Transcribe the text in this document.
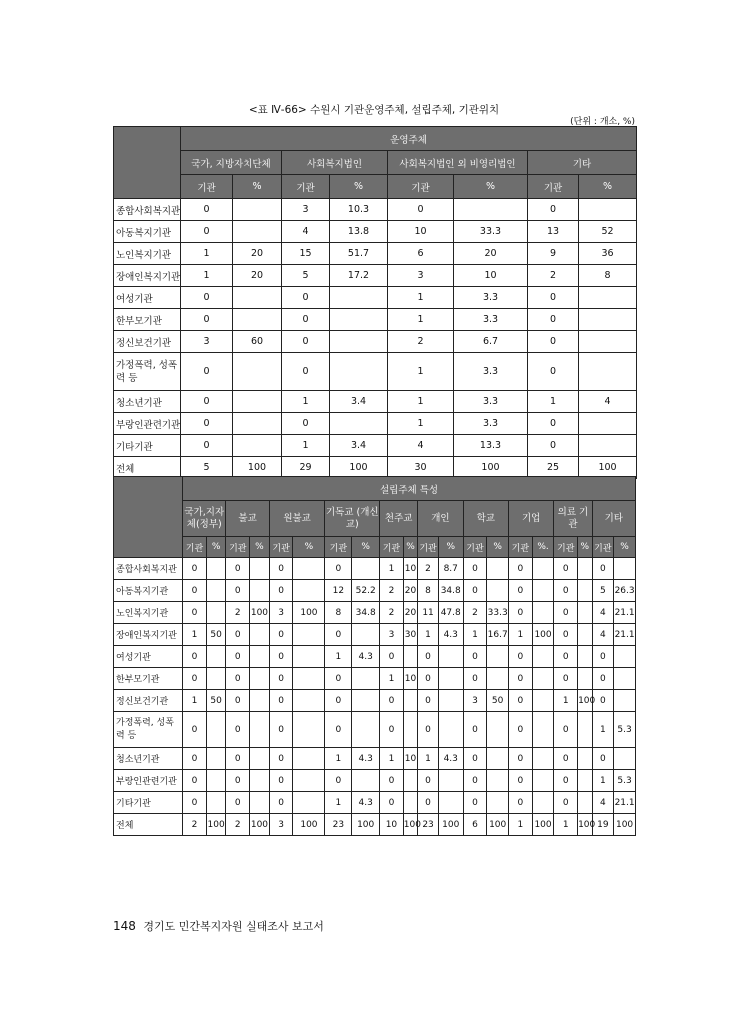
<표 Ⅳ-66> 수원시 기관운영주체, 설립주체, 기관위치
(단위 : 개소, %)
	운영주체							
	국가, 지방자치단체		사회복지법인		사회복지법인 외 비영리법인		기타	
	기관	%	기관	%	기관	%	기관	%
종합사회복지관	0		3	10.3	0		0	
아동복지기관	0		4	13.8	10	33.3	13	52
노인복지기관	1	20	15	51.7	6	20	9	36
장애인복지기관	1	20	5	17.2	3	10	2	8
여성기관	0		0		1	3.3	0	
한부모기관	0		0		1	3.3	0	
정신보건기관	3	60	0		2	6.7	0	
가정폭력, 성폭력 등	0		0		1	3.3	0	
청소년기관	0		1	3.4	1	3.3	1	4
부랑인관련기관	0		0		1	3.3	0	
기타기관	0		1	3.4	4	13.3	0	
전체	5	100	29	100	30	100	25	100
	설립주체 특성																			
	국가,지자체(정부)		불교		원불교		기독교 (개신교)		천주교		개인		학교		기업		의료 기관		기타	
	기관	%	기관	%	기관	%	기관	%	기관	%	기관	%	기관	%	기관	%.	기관	%	기관	%
종합사회복지관	0		0		0		0		1	10	2	8.7	0		0		0		0	
아동복지기관	0		0		0		12	52.2	2	20	8	34.8	0		0		0		5	26.3
노인복지기관	0		2	100	3	100	8	34.8	2	20	11	47.8	2	33.3	0		0		4	21.1
장애인복지기관	1	50	0		0		0		3	30	1	4.3	1	16.7	1	100	0		4	21.1
여성기관	0		0		0		1	4.3	0		0		0		0		0		0	
한부모기관	0		0		0		0		1	10	0		0		0		0		0	
정신보건기관	1	50	0		0		0		0		0		3	50	0		1	100	0	
가정폭력, 성폭력 등	0		0		0		0		0		0		0		0		0		1	5.3
청소년기관	0		0		0		1	4.3	1	10	1	4.3	0		0		0		0	
부랑인관련기관	0		0		0		0		0		0		0		0		0		1	5.3
기타기관	0		0		0		1	4.3	0		0		0		0		0		4	21.1
전체	2	100	2	100	3	100	23	100	10	100	23	100	6	100	1	100	1	100	19	100
148 경기도 민간복지자원 실태조사 보고서
